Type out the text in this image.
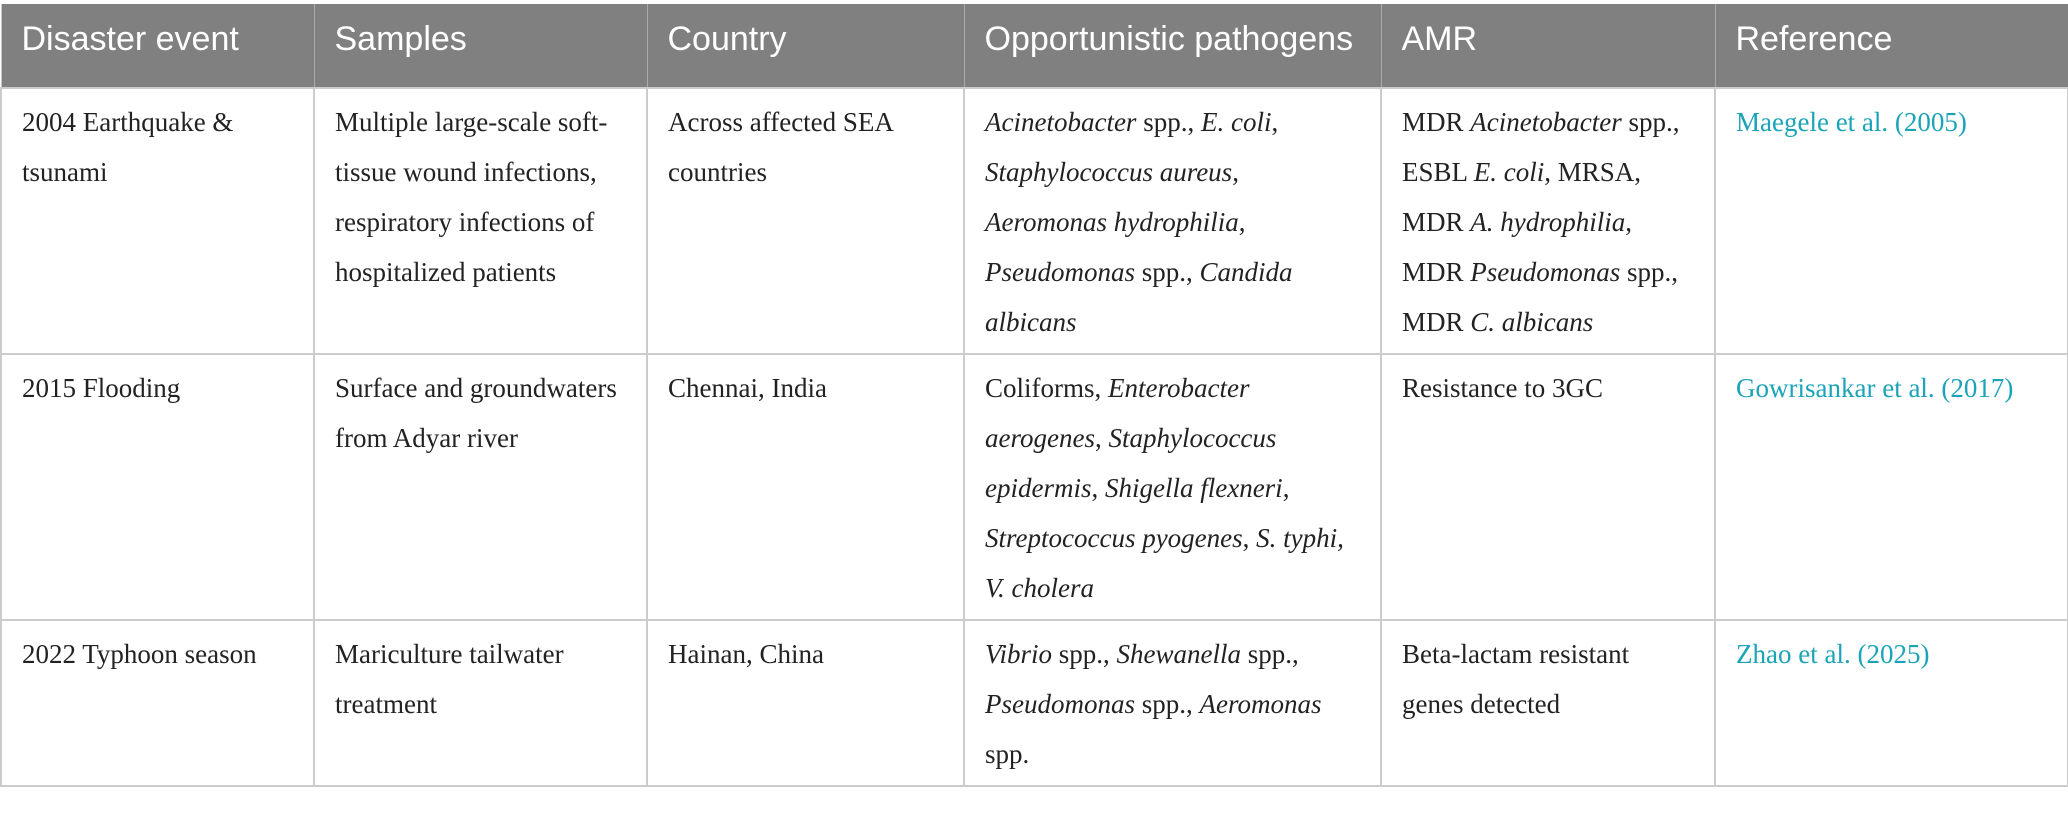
Disaster event	Samples	Country	Opportunistic pathogens	AMR	Reference
2004 Earthquake & tsunami	Multiple large-scale soft-tissue wound infections, respiratory infections of hospitalized patients	Across affected SEA countries	Acinetobacter spp., E. coli, Staphylococcus aureus, Aeromonas hydrophilia, Pseudomonas spp., Candida albicans	MDR Acinetobacter spp., ESBL E. coli, MRSA, MDR A. hydrophilia, MDR Pseudomonas spp., MDR C. albicans	Maegele et al. (2005)
2015 Flooding	Surface and groundwaters from Adyar river	Chennai, India	Coliforms, Enterobacter aerogenes, Staphylococcus epidermis, Shigella flexneri, Streptococcus pyogenes, S. typhi, V. cholera	Resistance to 3GC	Gowrisankar et al. (2017)
2022 Typhoon season	Mariculture tailwater treatment	Hainan, China	Vibrio spp., Shewanella spp., Pseudomonas spp., Aeromonas spp.	Beta-lactam resistant genes detected	Zhao et al. (2025)
